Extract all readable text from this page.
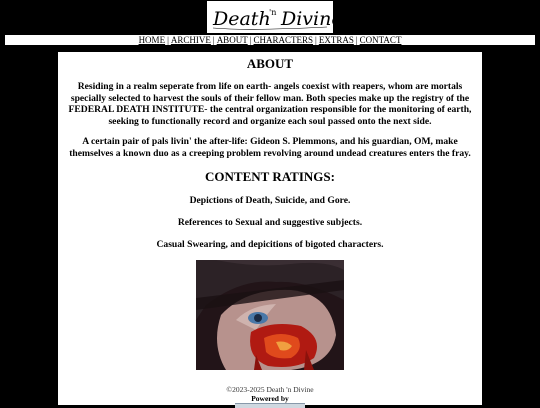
Death
'n Divine
HOME | ARCHIVE | ABOUT | CHARACTERS | EXTRAS | CONTACT
ABOUT

Residing in a realm seperate from life on earth- angels coexist with reapers, whom are mortals specially selected to harvest the souls of their fellow man. Both species make up the registry of the FEDERAL DEATH INSTITUTE- the central organization responsible for the monitoring of earth, seeking to functionally record and organize each soul passed onto the next side.

A certain pair of pals livin' the after-life: Gideon S. Plemmons, and his guardian, OM, make themselves a known duo as a creeping problem revolving around undead creatures enters the fray.

CONTENT RATINGS:

Depictions of Death, Suicide, and Gore.

References to Sexual and suggestive subjects.

Casual Swearing, and depicitions of bigoted characters.

©2023-2025 Death 'n Divine
Powered by
